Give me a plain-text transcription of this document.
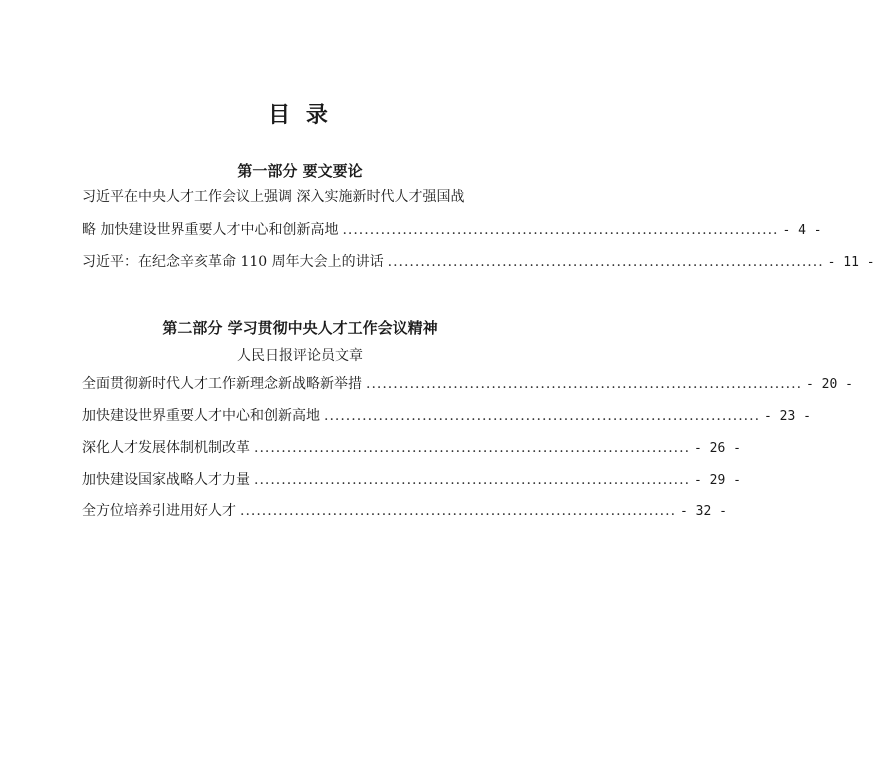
目 录
第一部分 要文要论
习近平在中央人才工作会议上强调 深入实施新时代人才强国战
略 加快建设世界重要人才中心和创新高地 ................................................................................ - 4 -
习近平：在纪念辛亥革命 110 周年大会上的讲话 ................................................................................ - 11 -
第二部分 学习贯彻中央人才工作会议精神
人民日报评论员文章
全面贯彻新时代人才工作新理念新战略新举措 ................................................................................ - 20 -
加快建设世界重要人才中心和创新高地 ................................................................................ - 23 -
深化人才发展体制机制改革 ................................................................................ - 26 -
加快建设国家战略人才力量 ................................................................................ - 29 -
全方位培养引进用好人才 ................................................................................ - 32 -
